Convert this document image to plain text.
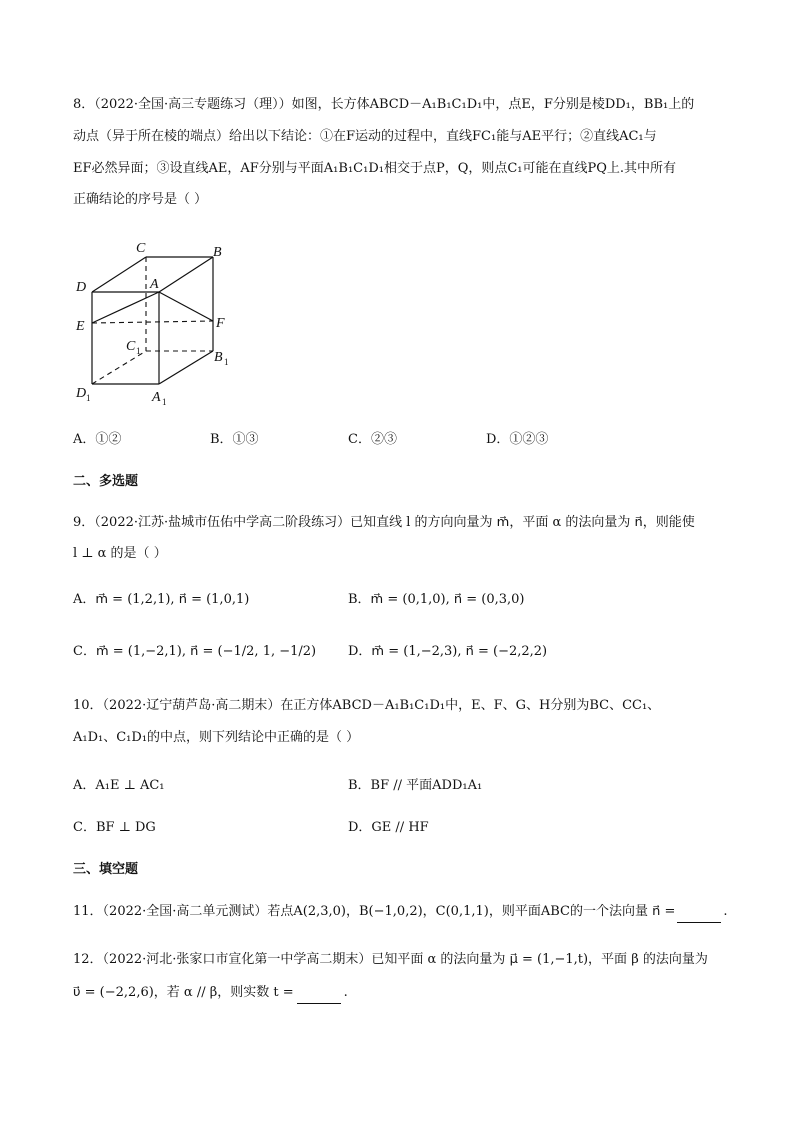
8．（2022·全国·高三专题练习（理））如图，长方体ABCD－A₁B₁C₁D₁中，点E，F分别是棱DD₁，BB₁上的
动点（异于所在棱的端点）给出以下结论：①在F运动的过程中，直线FC₁能与AE平行；②直线AC₁与
EF必然异面；③设直线AE，AF分别与平面A₁B₁C₁D₁相交于点P，Q，则点C₁可能在直线PQ上.其中所有
正确结论的序号是（ ）
C	B
D	A
E	F
C 1	B 1
D 1	A 1
A．①②	B．①③	C．②③	D．①②③
二、多选题
9．（2022·江苏·盐城市伍佑中学高二阶段练习）已知直线 l 的方向向量为 m⃗，平面 α 的法向量为 n⃗，则能使
l ⊥ α 的是（ ）
A．m⃗ = (1,2,1), n⃗ = (1,0,1)	B．m⃗ = (0,1,0), n⃗ = (0,3,0)
C．m⃗ = (1,−2,1), n⃗ = (−1/2, 1, −1/2) D．m⃗ = (1,−2,3), n⃗ = (−2,2,2)
10．（2022·辽宁葫芦岛·高二期末）在正方体ABCD－A₁B₁C₁D₁中，E、F、G、H分别为BC、CC₁、
A₁D₁、C₁D₁的中点，则下列结论中正确的是（ ）
A．A₁E ⊥ AC₁	B．BF // 平面ADD₁A₁
C．BF ⊥ DG	D．GE // HF
三、填空题
11．（2022·全国·高二单元测试）若点A(2,3,0)，B(−1,0,2)，C(0,1,1)，则平面ABC的一个法向量 n⃗ =	.
12．（2022·河北·张家口市宣化第一中学高二期末）已知平面 α 的法向量为 μ⃗ = (1,−1,t)，平面 β 的法向量为
υ⃗ = (−2,2,6)，若 α // β，则实数 t =	.
